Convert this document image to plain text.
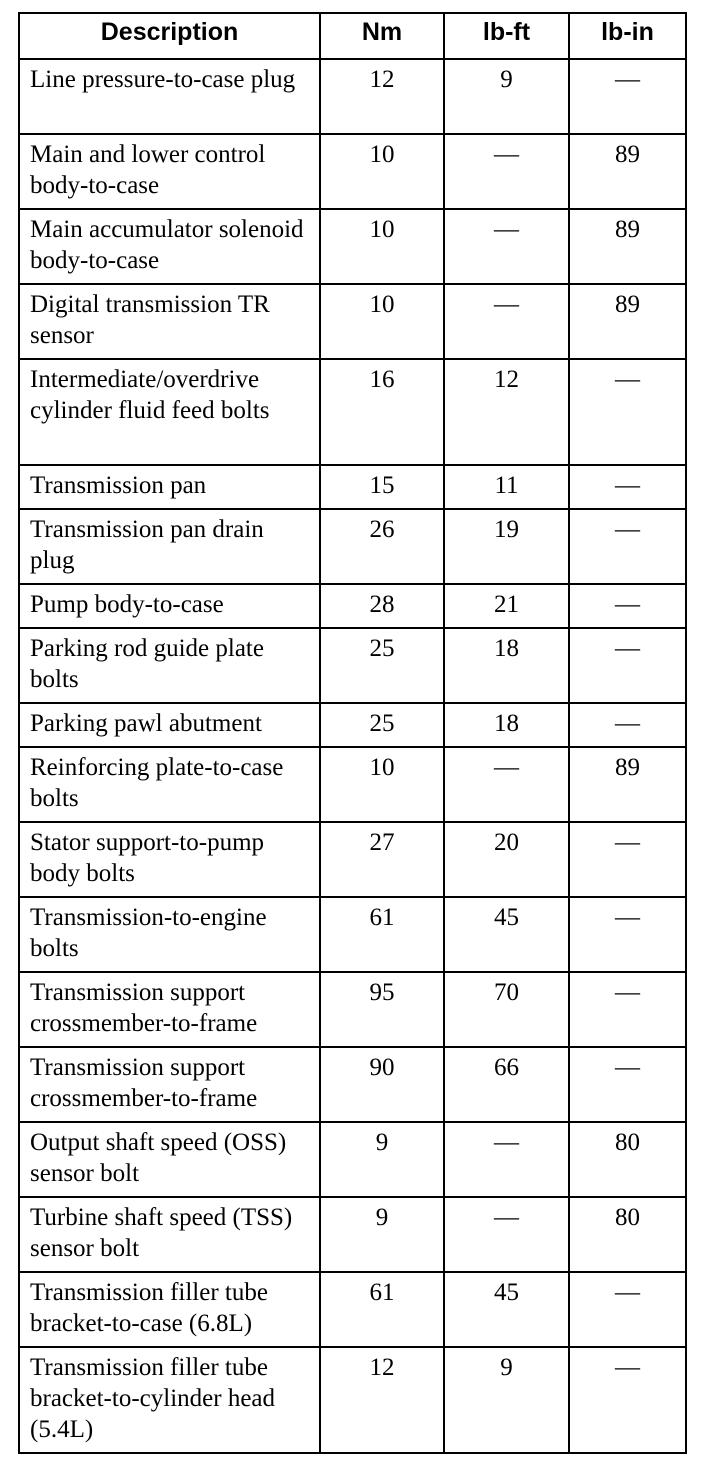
Description	Nm	lb-ft	lb-in
Line pressure-to-case plug	12	9	—
Main and lower control body-to-case	10	—	89
Main accumulator solenoid body-to-case	10	—	89
Digital transmission TR sensor	10	—	89
Intermediate/overdrive cylinder fluid feed bolts	16	12	—
Transmission pan	15	11	—
Transmission pan drain plug	26	19	—
Pump body-to-case	28	21	—
Parking rod guide plate bolts	25	18	—
Parking pawl abutment	25	18	—
Reinforcing plate-to-case bolts	10	—	89
Stator support-to-pump body bolts	27	20	—
Transmission-to-engine bolts	61	45	—
Transmission support crossmember-to-frame	95	70	—
Transmission support crossmember-to-frame	90	66	—
Output shaft speed (OSS) sensor bolt	9	—	80
Turbine shaft speed (TSS) sensor bolt	9	—	80
Transmission filler tube bracket-to-case (6.8L)	61	45	—
Transmission filler tube bracket-to-cylinder head (5.4L)	12	9	—
